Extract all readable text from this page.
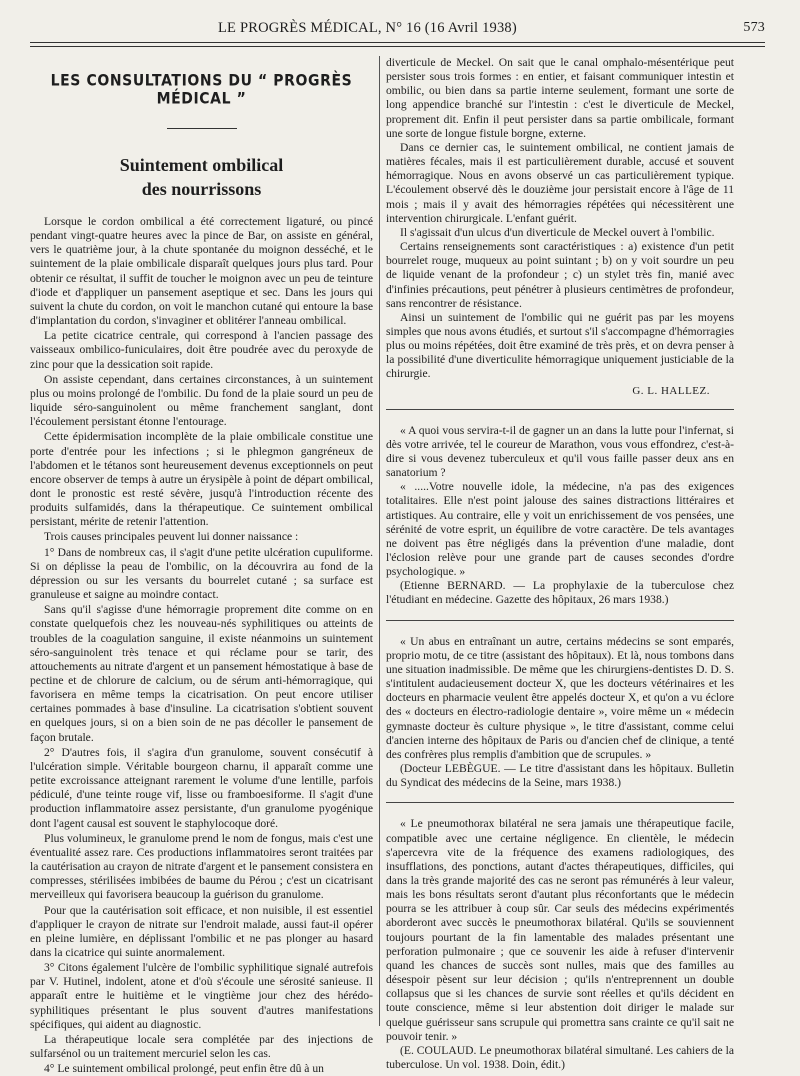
LE PROGRÈS MÉDICAL, N° 16 (16 Avril 1938)	573
LES CONSULTATIONS DU “ PROGRÈS MÉDICAL ”
Suintement ombilical
des nourrissons

Lorsque le cordon ombilical a été correctement ligaturé, ou pincé pendant vingt-quatre heures avec la pince de Bar, on assiste en général, vers le quatrième jour, à la chute spontanée du moignon desséché, et le suintement de la plaie ombilicale disparaît quelques jours plus tard. Pour obtenir ce résultat, il suffit de toucher le moignon avec un peu de teinture d'iode et d'appliquer un pansement aseptique et sec. Dans les jours qui suivent la chute du cordon, on voit le manchon cutané qui entoure la base d'implantation du cordon, s'invaginer et oblitérer l'anneau ombilical.

La petite cicatrice centrale, qui correspond à l'ancien passage des vaisseaux ombilico-funiculaires, doit être poudrée avec du peroxyde de zinc pour que la dessication soit rapide.

On assiste cependant, dans certaines circonstances, à un suintement plus ou moins prolongé de l'ombilic. Du fond de la plaie sourd un peu de liquide séro-sanguinolent ou même franchement sanglant, dont l'écoulement persistant étonne l'entourage.

Cette épidermisation incomplète de la plaie ombilicale constitue une porte d'entrée pour les infections ; si le phlegmon gangréneux de l'abdomen et le tétanos sont heureusement devenus exceptionnels on peut encore observer de temps à autre un érysipèle à point de départ ombilical, dont le pronostic est resté sévère, jusqu'à l'introduction récente des produits sulfamidés, dans la thérapeutique. Ce suintement ombilical persistant, mérite de retenir l'attention.

Trois causes principales peuvent lui donner naissance :

1° Dans de nombreux cas, il s'agit d'une petite ulcération cupuliforme. Si on déplisse la peau de l'ombilic, on la découvrira au fond de la dépression ou sur les versants du bourrelet cutané ; sa surface est granuleuse et saigne au moindre contact.

Sans qu'il s'agisse d'une hémorragie proprement dite comme on en constate quelquefois chez les nouveau-nés syphilitiques ou atteints de troubles de la coagulation sanguine, il existe néanmoins un suintement séro-sanguinolent très tenace et qui réclame pour se tarir, des attouchements au nitrate d'argent et un pansement hémostatique à base de pectine et de chlorure de calcium, ou de sérum anti-hémorragique, qui favorisera en même temps la cicatrisation. On peut encore utiliser certaines pommades à base d'insuline. La cicatrisation s'obtient souvent en quelques jours, si on a bien soin de ne pas décoller le pansement de façon brutale.

2° D'autres fois, il s'agira d'un granulome, souvent consécutif à l'ulcération simple. Véritable bourgeon charnu, il apparaît comme une petite excroissance atteignant rarement le volume d'une lentille, parfois pédiculé, d'une teinte rouge vif, lisse ou framboesiforme. Il s'agit d'une production inflammatoire assez persistante, d'un granulome pyogénique dont l'agent causal est souvent le staphylocoque doré.

Plus volumineux, le granulome prend le nom de fongus, mais c'est une éventualité assez rare. Ces productions inflammatoires seront traitées par la cautérisation au crayon de nitrate d'argent et le pansement consistera en compresses, stérilisées imbibées de baume du Pérou ; c'est un cicatrisant merveilleux qui favorisera beaucoup la guérison du granulome.

Pour que la cautérisation soit efficace, et non nuisible, il est essentiel d'appliquer le crayon de nitrate sur l'endroit malade, aussi faut-il opérer en pleine lumière, en déplissant l'ombilic et ne pas plonger au hasard dans la cicatrice qui suinte anormalement.

3° Citons également l'ulcère de l'ombilic syphilitique signalé autrefois par V. Hutinel, indolent, atone et d'où s'écoule une sérosité sanieuse. Il apparaît entre le huitième et le vingtième jour chez des hérédo-syphilitiques présentant le plus souvent d'autres manifestations spécifiques, qui aident au diagnostic.

La thérapeutique locale sera complétée par des injections de sulfarsénol ou un traitement mercuriel selon les cas.

4° Le suintement ombilical prolongé, peut enfin être dû à un

diverticule de Meckel. On sait que le canal omphalo-mésentérique peut persister sous trois formes : en entier, et faisant communiquer intestin et ombilic, ou bien dans sa partie interne seulement, formant une sorte de long appendice branché sur l'intestin : c'est le diverticule de Meckel, proprement dit. Enfin il peut persister dans sa partie ombilicale, formant une sorte de longue fistule borgne, externe.

Dans ce dernier cas, le suintement ombilical, ne contient jamais de matières fécales, mais il est particulièrement durable, accusé et souvent hémorragique. Nous en avons observé un cas particulièrement typique. L'écoulement observé dès le douzième jour persistait encore à l'âge de 11 mois ; mais il y avait des hémorragies répétées qui nécessitèrent une intervention chirurgicale. L'enfant guérit.

Il s'agissait d'un ulcus d'un diverticule de Meckel ouvert à l'ombilic.

Certains renseignements sont caractéristiques : a) existence d'un petit bourrelet rouge, muqueux au point suintant ; b) on y voit sourdre un peu de liquide venant de la profondeur ; c) un stylet très fin, manié avec d'infinies précautions, peut pénétrer à plusieurs centimètres de profondeur, sans rencontrer de résistance.

Ainsi un suintement de l'ombilic qui ne guérit pas par les moyens simples que nous avons étudiés, et surtout s'il s'accompagne d'hémorragies plus ou moins répétées, doit être examiné de très près, et on devra penser à la possibilité d'une diverticulite hémorragique uniquement justiciable de la chirurgie.

G. L. HALLEZ.

« A quoi vous servira-t-il de gagner un an dans la lutte pour l'infernat, si dès votre arrivée, tel le coureur de Marathon, vous vous effondrez, c'est-à-dire si vous devenez tuberculeux et qu'il vous faille passer deux ans en sanatorium ?

« .....Votre nouvelle idole, la médecine, n'a pas des exigences totalitaires. Elle n'est point jalouse des saines distractions littéraires et artistiques. Au contraire, elle y voit un enrichissement de vos pensées, une sérénité de votre esprit, un équilibre de votre caractère. De tels avantages ne doivent pas être négligés dans la prévention d'une maladie, dont l'éclosion relève pour une grande part de causes secondes d'ordre psychologique. »

(Etienne BERNARD. — La prophylaxie de la tuberculose chez l'étudiant en médecine. Gazette des hôpitaux, 26 mars 1938.)

« Un abus en entraînant un autre, certains médecins se sont emparés, proprio motu, de ce titre (assistant des hôpitaux). Et là, nous tombons dans une situation inadmissible. De même que les chirurgiens-dentistes D. D. S. s'intitulent audacieusement docteur X, que les docteurs vétérinaires et les docteurs en pharmacie veulent être appelés docteur X, et qu'on a vu éclore des « docteurs en électro-radiologie dentaire », voire même un « médecin gymnaste docteur ès culture physique », le titre d'assistant, comme celui d'ancien interne des hôpitaux de Paris ou d'ancien chef de clinique, a tenté des confrères plus remplis d'ambition que de scrupules. »

(Docteur LEBÈGUE. — Le titre d'assistant dans les hôpitaux. Bulletin du Syndicat des médecins de la Seine, mars 1938.)

« Le pneumothorax bilatéral ne sera jamais une thérapeutique facile, compatible avec une certaine négligence. En clientèle, le médecin s'apercevra vite de la fréquence des examens radiologiques, des insufflations, des ponctions, autant d'actes thérapeutiques, difficiles, qui dans la très grande majorité des cas ne seront pas rémunérés à leur valeur, mais les bons résultats seront d'autant plus réconfortants que le médecin pourra se les attribuer à coup sûr. Car seuls des médecins expérimentés aborderont avec succès le pneumothorax bilatéral. Qu'ils se souviennent toujours pourtant de la fin lamentable des malades présentant une perforation pulmonaire ; que ce souvenir les aide à refuser d'intervenir quand les chances de succès sont nulles, mais que des familles au désespoir pèsent sur leur décision ; qu'ils n'entreprennent un double collapsus que si les chances de survie sont réelles et qu'ils décident en toute conscience, même si leur abstention doit diriger le malade sur quelque guérisseur sans scrupule qui promettra sans crainte ce qu'il sait ne pouvoir tenir. »

(E. COULAUD. Le pneumothorax bilatéral simultané. Les cahiers de la tuberculose. Un vol. 1938. Doin, édit.)
